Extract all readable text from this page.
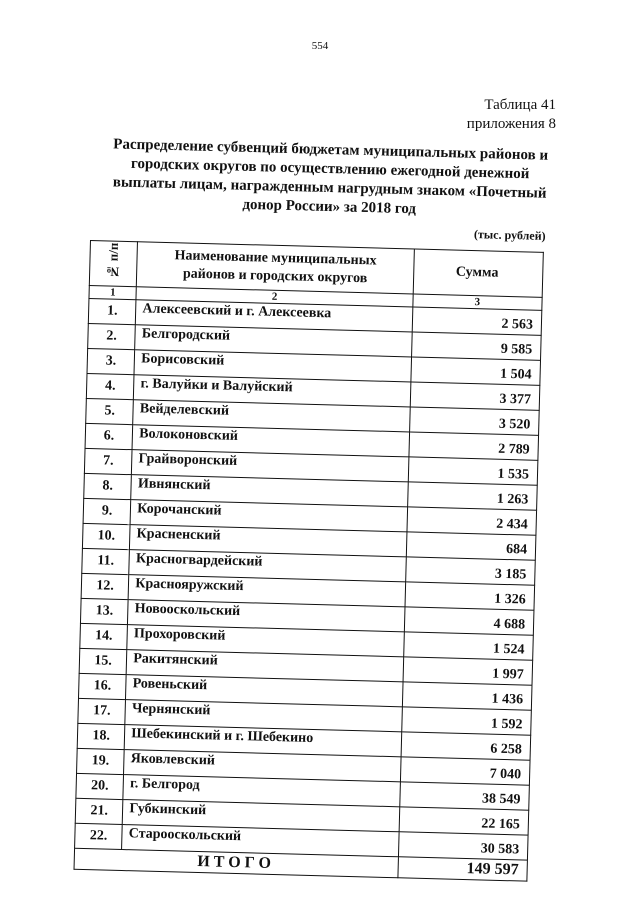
554
Таблица 41
приложения 8
Распределение субвенций бюджетам муниципальных районов и
городских округов по осуществлению ежегодной денежной
выплаты лицам, награжденным нагрудным знаком «Почетный
донор России» за 2018 год
(тыс. рублей)
№ п/п	Наименование муниципальных
районов и городских округов	Сумма
1	2	3
1.	Алексеевский и г. Алексеевка	2 563
2.	Белгородский	9 585
3.	Борисовский	1 504
4.	г. Валуйки и Валуйский	3 377
5.	Вейделевский	3 520
6.	Волоконовский	2 789
7.	Грайворонский	1 535
8.	Ивнянский	1 263
9.	Корочанский	2 434
10.	Красненский	684
11.	Красногвардейский	3 185
12.	Краснояружский	1 326
13.	Новооскольский	4 688
14.	Прохоровский	1 524
15.	Ракитянский	1 997
16.	Ровеньский	1 436
17.	Чернянский	1 592
18.	Шебекинский и г. Шебекино	6 258
19.	Яковлевский	7 040
20.	г. Белгород	38 549
21.	Губкинский	22 165
22.	Старооскольский	30 583
ИТОГО		149 597
